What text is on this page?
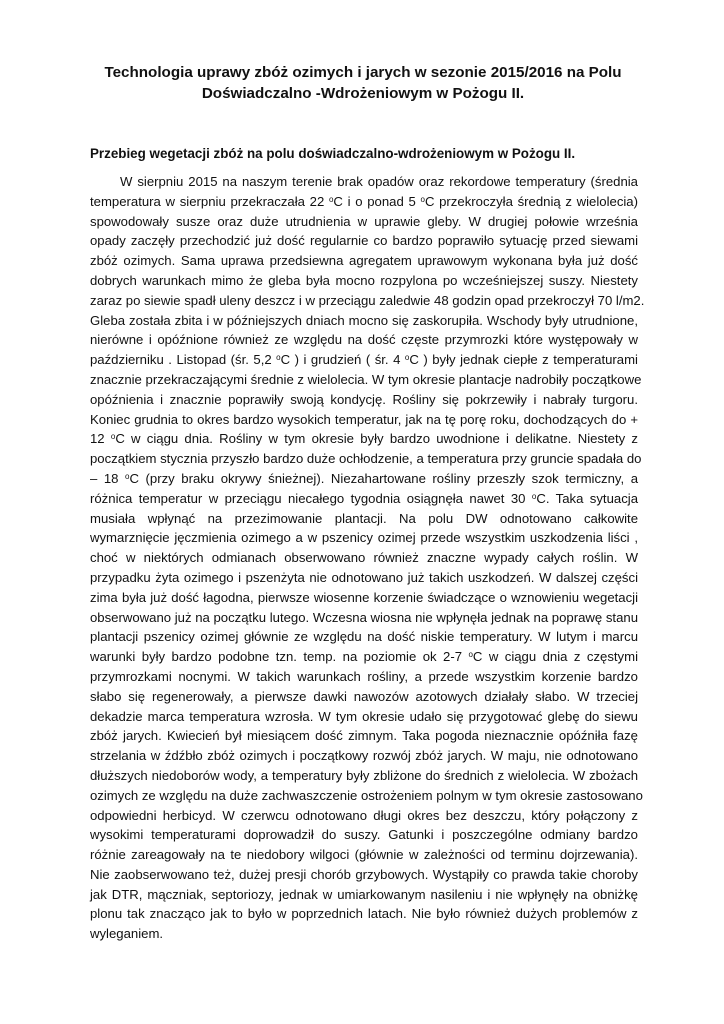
Technologia uprawy zbóż ozimych i jarych w sezonie 2015/2016 na Polu
Doświadczalno -Wdrożeniowym w Pożogu II.
Przebieg wegetacji zbóż na polu doświadczalno-wdrożeniowym w Pożogu II.
W sierpniu 2015 na naszym terenie brak opadów oraz rekordowe temperatury (średnia
temperatura w sierpniu przekraczała 22 $^o$C i o ponad 5 $^o$C przekroczyła średnią z wielolecia)
spowodowały susze oraz duże utrudnienia w uprawie gleby. W drugiej połowie września
opady zaczęły przechodzić już dość regularnie co bardzo poprawiło sytuację przed siewami
zbóż ozimych. Sama uprawa przedsiewna agregatem uprawowym wykonana była już dość
dobrych warunkach mimo że gleba była mocno rozpylona po wcześniejszej suszy. Niestety
zaraz po siewie spadł uleny deszcz i w przeciągu zaledwie 48 godzin opad przekroczył 70 l/m2.
Gleba została zbita i w późniejszych dniach mocno się zaskorupiła. Wschody były utrudnione,
nierówne i opóźnione również ze względu na dość częste przymrozki które występowały w
październiku . Listopad (śr. 5,2 $^o$C ) i grudzień ( śr. 4 $^o$C ) były jednak ciepłe z temperaturami
znacznie przekraczającymi średnie z wielolecia. W tym okresie plantacje nadrobiły początkowe
opóźnienia i znacznie poprawiły swoją kondycję. Rośliny się pokrzewiły i nabrały turgoru.
Koniec grudnia to okres bardzo wysokich temperatur, jak na tę porę roku, dochodzących do +
12 $^o$C w ciągu dnia. Rośliny w tym okresie były bardzo uwodnione i delikatne. Niestety z
początkiem stycznia przyszło bardzo duże ochłodzenie, a temperatura przy gruncie spadała do
– 18 $^o$C (przy braku okrywy śnieżnej). Niezahartowane rośliny przeszły szok termiczny, a
różnica temperatur w przeciągu niecałego tygodnia osiągnęła nawet 30 $^o$C. Taka sytuacja
musiała wpłynąć na przezimowanie plantacji. Na polu DW odnotowano całkowite
wymarznięcie jęczmienia ozimego a w pszenicy ozimej przede wszystkim uszkodzenia liści ,
choć w niektórych odmianach obserwowano również znaczne wypady całych roślin. W
przypadku żyta ozimego i pszenżyta nie odnotowano już takich uszkodzeń. W dalszej części
zima była już dość łagodna, pierwsze wiosenne korzenie świadczące o wznowieniu wegetacji
obserwowano już na początku lutego. Wczesna wiosna nie wpłynęła jednak na poprawę stanu
plantacji pszenicy ozimej głównie ze względu na dość niskie temperatury. W lutym i marcu
warunki były bardzo podobne tzn. temp. na poziomie ok 2-7 $^o$C w ciągu dnia z częstymi
przymrozkami nocnymi. W takich warunkach rośliny, a przede wszystkim korzenie bardzo
słabo się regenerowały, a pierwsze dawki nawozów azotowych działały słabo. W trzeciej
dekadzie marca temperatura wzrosła. W tym okresie udało się przygotować glebę do siewu
zbóż jarych. Kwiecień był miesiącem dość zimnym. Taka pogoda nieznacznie opóźniła fazę
strzelania w źdźbło zbóż ozimych i początkowy rozwój zbóż jarych. W maju, nie odnotowano
dłuższych niedoborów wody, a temperatury były zbliżone do średnich z wielolecia. W zbożach
ozimych ze względu na duże zachwaszczenie ostrożeniem polnym w tym okresie zastosowano
odpowiedni herbicyd. W czerwcu odnotowano długi okres bez deszczu, który połączony z
wysokimi temperaturami doprowadził do suszy. Gatunki i poszczególne odmiany bardzo
różnie zareagowały na te niedobory wilgoci (głównie w zależności od terminu dojrzewania).
Nie zaobserwowano też, dużej presji chorób grzybowych. Wystąpiły co prawda takie choroby
jak DTR, mączniak, septoriozy, jednak w umiarkowanym nasileniu i nie wpłynęły na obniżkę
plonu tak znacząco jak to było w poprzednich latach. Nie było również dużych problemów z
wyleganiem.
